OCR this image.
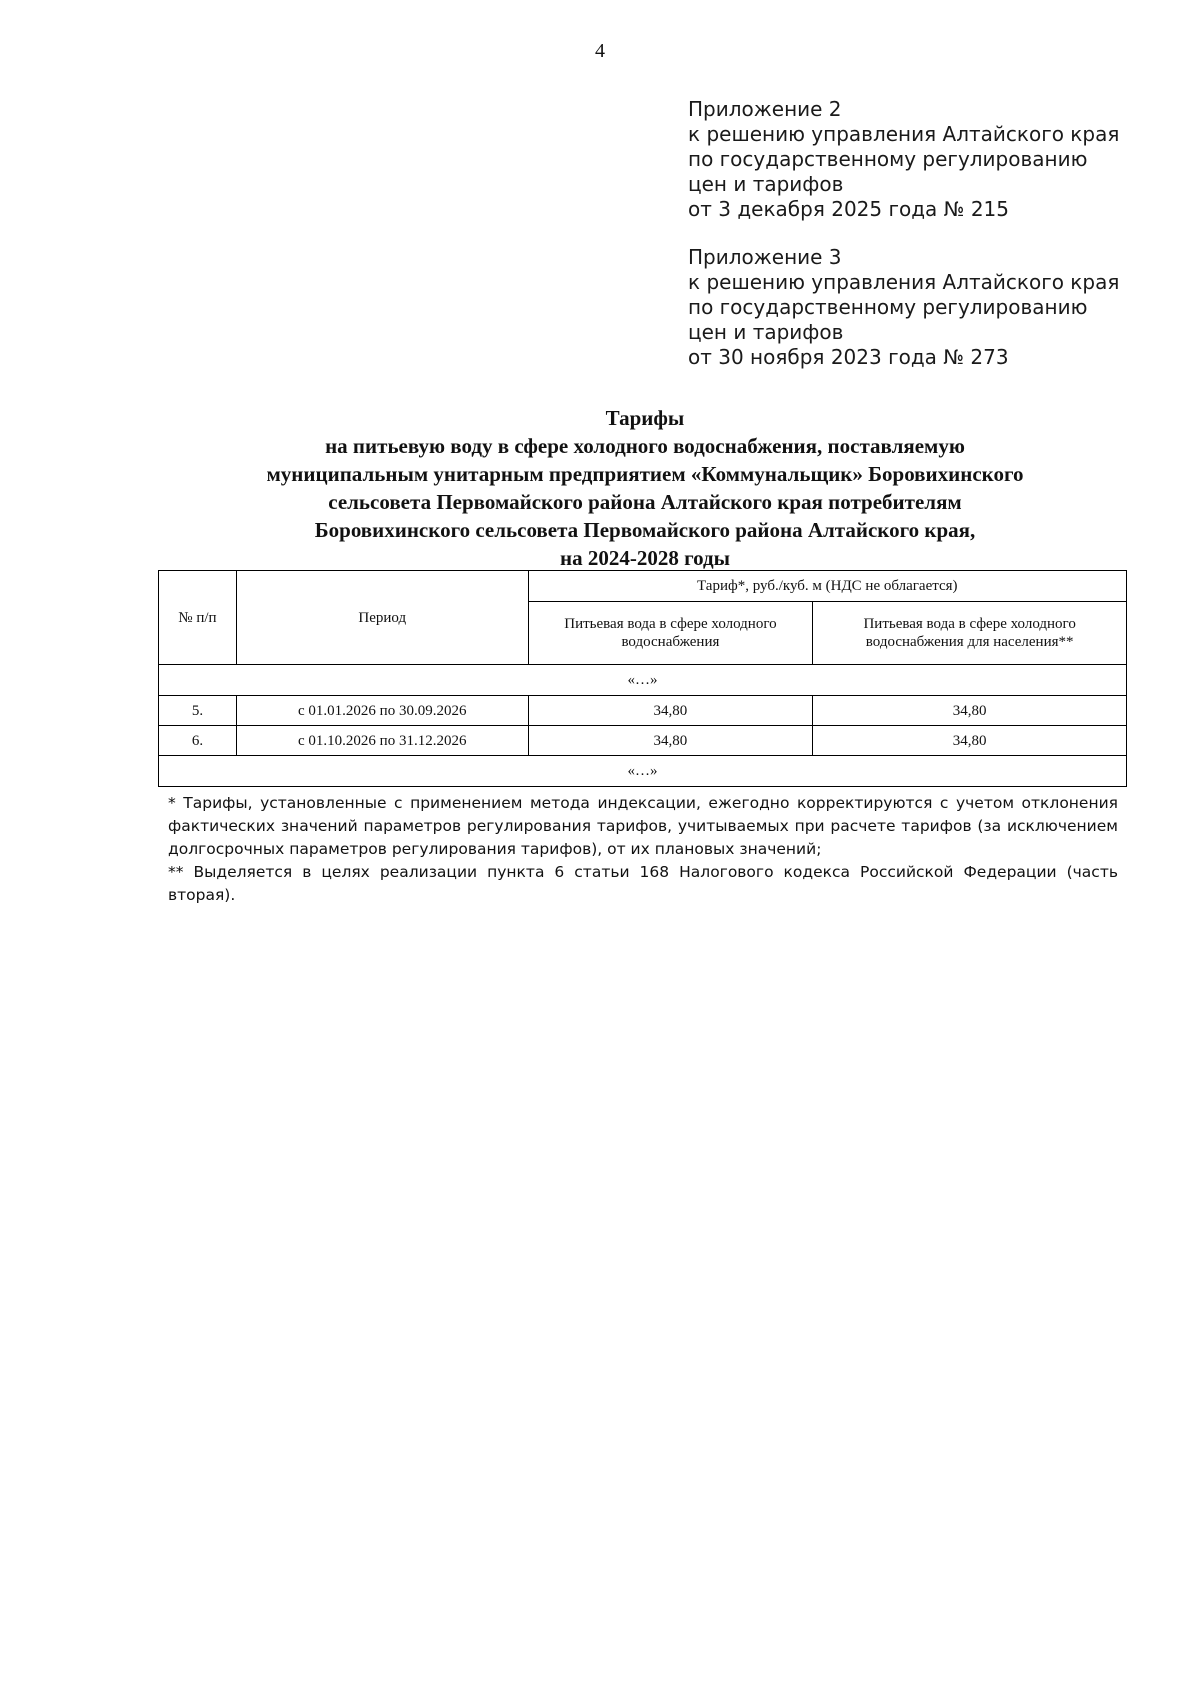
4
Приложение 2
к решению управления Алтайского края
по государственному регулированию
цен и тарифов
от 3 декабря 2025 года № 215
Приложение 3
к решению управления Алтайского края
по государственному регулированию
цен и тарифов
от 30 ноября 2023 года № 273
Тарифы
на питьевую воду в сфере холодного водоснабжения, поставляемую
муниципальным унитарным предприятием «Коммунальщик» Боровихинского
сельсовета Первомайского района Алтайского края потребителям
Боровихинского сельсовета Первомайского района Алтайского края,
на 2024-2028 годы
№ п/п	Период	Тариф*, руб./куб. м (НДС не облагается)	
		Питьевая вода в сфере холодного водоснабжения	Питьевая вода в сфере холодного водоснабжения для населения**
«…»			
5.	с 01.01.2026 по 30.09.2026	34,80	34,80
6.	с 01.10.2026 по 31.12.2026	34,80	34,80
«…»			

* Тарифы, установленные с применением метода индексации, ежегодно корректируются с учетом отклонения фактических значений параметров регулирования тарифов, учитываемых при расчете тарифов (за исключением долгосрочных параметров регулирования тарифов), от их плановых значений;

** Выделяется в целях реализации пункта 6 статьи 168 Налогового кодекса Российской Федерации (часть вторая).
